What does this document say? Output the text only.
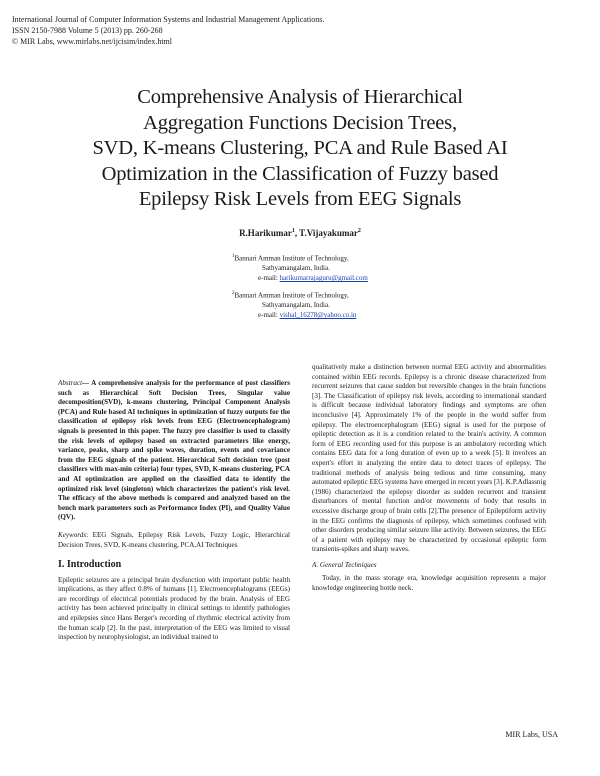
International Journal of Computer Information Systems and Industrial Management Applications.
ISSN 2150-7988 Volume 5 (2013) pp. 260-268
© MIR Labs, www.mirlabs.net/ijcisim/index.html
Comprehensive Analysis of Hierarchical
Aggregation Functions Decision Trees,
SVD, K-means Clustering, PCA and Rule Based AI
Optimization in the Classification of Fuzzy based
Epilepsy Risk Levels from EEG Signals
R.Harikumar$^1$, T.Vijayakumar$^2$
$^1$Bannari Amman Institute of Technology,
Sathyamangalam, India.
e-mail: harikumarrajaguru@gmail.com
$^2$Bannari Amman Institute of Technology,
Sathyamangalam, India.
e-mail: vishal_16278@yahoo.co.in

Abstract— A comprehensive analysis for the performance of post classifiers such as Hierarchical Soft Decision Trees, Singular value decomposition(SVD), k-means clustering, Principal Component Analysis (PCA) and Rule based AI techniques in optimization of fuzzy outputs for the classification of epilepsy risk levels from EEG (Electroencephalogram) signals is presented in this paper. The fuzzy pre classifier is used to classify the risk levels of epilepsy based on extracted parameters like energy, variance, peaks, sharp and spike waves, duration, events and covariance from the EEG signals of the patient. Hierarchical Soft decision tree (post classifiers with max-min criteria) four types, SVD, K-means clustering, PCA and AI optimization are applied on the classified data to identify the optimized risk level (singleton) which characterizes the patient's risk level. The efficacy of the above methods is compared and analyzed based on the bench mark parameters such as Performance Index (PI), and Quality Value (QV).

Keywords: EEG Signals, Epilepsy Risk Levels, Fuzzy Logic, Hierarchical Decision Trees, SVD, K-means clustering, PCA,AI Techniques

I. Introduction

Epileptic seizures are a principal brain dysfunction with important public health implications, as they affect 0.8% of humans [1]. Electroencephalograms (EEGs) are recordings of electrical potentials produced by the brain. Analysis of EEG activity has been achieved principally in clinical settings to identify pathologies and epilepsies since Hans Berger's recording of rhythmic electrical activity from the human scalp [2]. In the past, interpretation of the EEG was limited to visual inspection by neurophysiologist, an individual trained to

qualitatively make a distinction between normal EEG activity and abnormalities contained within EEG records. Epilepsy is a chronic disease characterized from recurrent seizures that cause sudden but reversible changes in the brain functions [3]. The Classification of epilepsy risk levels, according to international standard is difficult because individual laboratory findings and symptoms are often inconclusive [4]. Approximately 1% of the people in the world suffer from epilepsy. The electroencephalogram (EEG) signal is used for the purpose of epileptic detection as it is a condition related to the brain's activity. A common form of EEG recording used for this purpose is an ambulatory recording which contains EEG data for a long duration of even up to a week [5]. It involves an expert's effort in analyzing the entire data to detect traces of epilepsy. The traditional methods of analysis being tedious and time consuming, many automated epileptic EEG systems have emerged in recent years [3]. K.P.Adlassnig (1986) characterized the epilepsy disorder as sudden recurrent and transient disturbances of mental function and/or movements of body that results in excessive discharge group of brain cells [2].The presence of Epileptiform activity in the EEG confirms the diagnosis of epilepsy, which sometimes confused with other disorders producing similar seizure like activity. Between seizures, the EEG of a patient with epilepsy may be characterized by occasional epileptic form transients-spikes and sharp waves.

A. General Techniques

Today, in the mass storage era, knowledge acquisition represents a major knowledge engineering bottle neck.

MIR Labs, USA
